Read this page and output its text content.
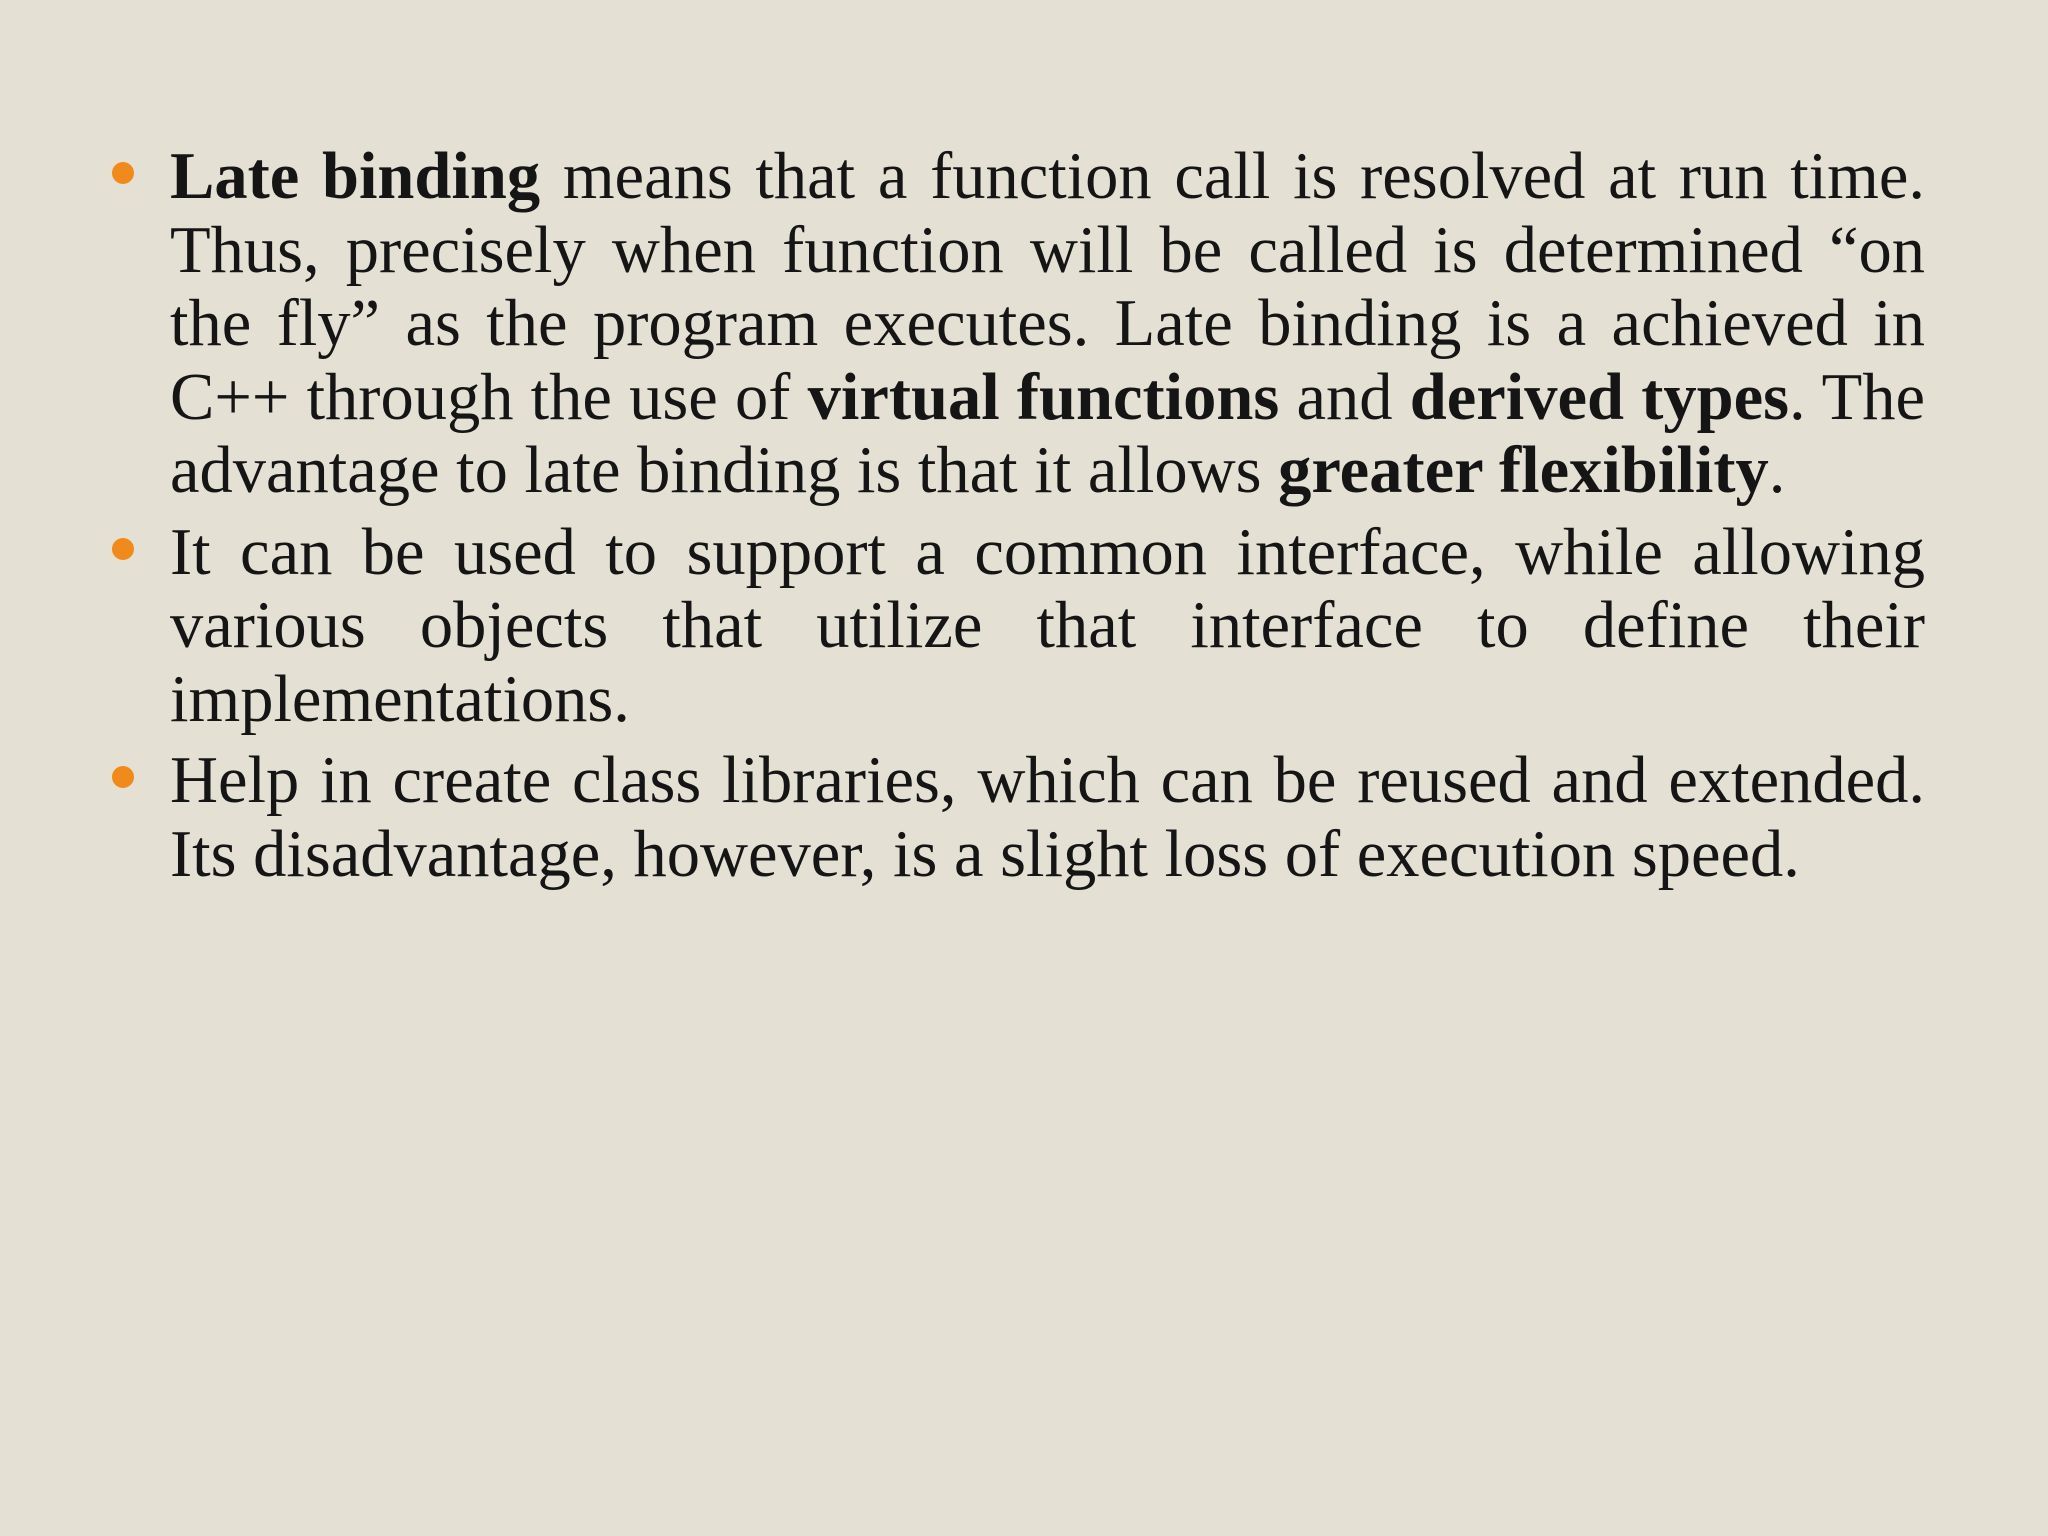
Late binding means that a function call is resolved at run time. Thus, precisely when function will be called is determined “on the fly” as the program executes. Late binding is a achieved in C++ through the use of virtual functions and derived types. The advantage to late binding is that it allows greater flexibility.
It can be used to support a common interface, while allowing various objects that utilize that interface to define their implementations.
Help in create class libraries, which can be reused and extended. Its disadvantage, however, is a slight loss of execution speed.
